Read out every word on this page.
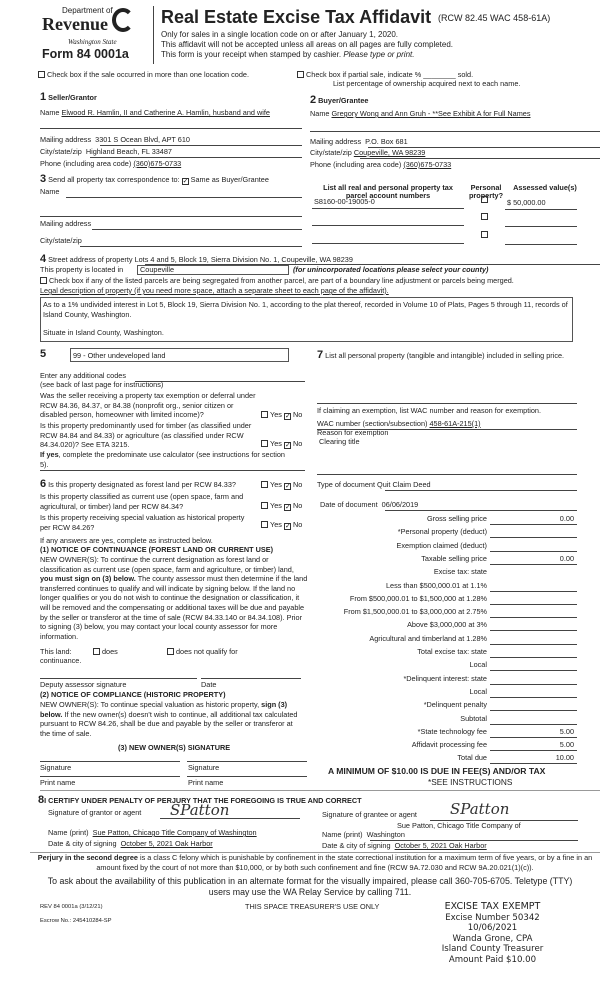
Department of
Revenue
Washington State
Form 84 0001a
Real Estate Excise Tax Affidavit (RCW 82.45 WAC 458-61A)
Only for sales in a single location code on or after January 1, 2020.
This affidavit will not be accepted unless all areas on all pages are fully completed.
This form is your receipt when stamped by cashier. Please type or print.
Check box if the sale occurred in more than one location code.	Check box if partial sale, indicate % ________ sold.
List percentage of ownership acquired next to each name.
1 Seller/Grantor
Name Elwood R. Hamlin, II and Catherine A. Hamlin, husband and wife
Mailing address 3301 S Ocean Blvd, APT 610
City/state/zip Highland Beach, FL 33487
Phone (including area code) (360)675-0733
2 Buyer/Grantee
Name Gregory Wong and Ann Gruh - **See Exhibit A for Full Names
Mailing address P.O. Box 681
City/state/zip Coupeville, WA 98239
Phone (including area code) (360)675-0733
3 Send all property tax correspondence to: ✓ Same as Buyer/Grantee
Name
Mailing address
City/state/zip
List all real and personal property tax parcel account numbers
Personal property?
Assessed value(s)
S8160-00-19005-0	$ 50,000.00
4 Street address of property Lots 4 and 5, Block 19, Sierra Division No. 1, Coupeville, WA 98239
This property is located in	Coupeville	(for unincorporated locations please select your county)
Check box if any of the listed parcels are being segregated from another parcel, are part of a boundary line adjustment or parcels being merged.
Legal description of property (if you need more space, attach a separate sheet to each page of the affidavit).
As to a 1% undivided interest in Lot 5, Block 19, Sierra Division No. 1, according to the plat thereof, recorded in Volume 10 of Plats, Pages 5 through 11, records of Island County, Washington.
Situate in Island County, Washington.
5	99 - Other undeveloped land
Enter any additional codes
(see back of last page for instructions)
Was the seller receiving a property tax exemption or deferral under RCW 84.36, 84.37, or 84.38 (nonprofit org., senior citizen or disabled person, homeowner with limited income)?	Yes ✓ No
Is this property predominantly used for timber (as classified under RCW 84.84 and 84.33) or agriculture (as classified under RCW 84.34.020)? See ETA 3215.	Yes ✓ No
If yes, complete the predominate use calculator (see instructions for section 5).
6 Is this property designated as forest land per RCW 84.33?	Yes ✓ No
Is this property classified as current use (open space, farm and agricultural, or timber) land per RCW 84.34?	Yes ✓ No
Is this property receiving special valuation as historical property per RCW 84.26?	Yes ✓ No
If any answers are yes, complete as instructed below.
(1) NOTICE OF CONTINUANCE (FOREST LAND OR CURRENT USE)
NEW OWNER(S): To continue the current designation as forest land or classification as current use (open space, farm and agriculture, or timber) land, you must sign on (3) below. The county assessor must then determine if the land transferred continues to qualify and will indicate by signing below. If the land no longer qualifies or you do not wish to continue the designation or classification, it will be removed and the compensating or additional taxes will be due and payable by the seller or transferor at the time of sale (RCW 84.33.140 or 84.34.108). Prior to signing (3) below, you may contact your local county assessor for more information.
This land:	does	does not qualify for
continuance.
Deputy assessor signature	Date
(2) NOTICE OF COMPLIANCE (HISTORIC PROPERTY)
NEW OWNER(S): To continue special valuation as historic property, sign (3) below. If the new owner(s) doesn't wish to continue, all additional tax calculated pursuant to RCW 84.26, shall be due and payable by the seller or transferor at the time of sale.
(3) NEW OWNER(S) SIGNATURE
Signature	Signature
Print name	Print name
7 List all personal property (tangible and intangible) included in selling price.
If claiming an exemption, list WAC number and reason for exemption.
WAC number (section/subsection) 458-61A-215(1)
Reason for exemption
Clearing title
Type of document Quit Claim Deed
Date of document 06/06/2019
Gross selling price	0.00
*Personal property (deduct)
Exemption claimed (deduct)
Taxable selling price	0.00
Excise tax: state
Less than $500,000.01 at 1.1%
From $500,000.01 to $1,500,000 at 1.28%
From $1,500,000.01 to $3,000,000 at 2.75%
Above $3,000,000 at 3%
Agricultural and timberland at 1.28%
Total excise tax: state
Local
*Delinquent interest: state
Local
*Delinquent penalty
Subtotal
*State technology fee	5.00
Affidavit processing fee	5.00
Total due	10.00
A MINIMUM OF $10.00 IS DUE IN FEE(S) AND/OR TAX
*SEE INSTRUCTIONS
8I CERTIFY UNDER PENALTY OF PERJURY THAT THE FOREGOING IS TRUE AND CORRECT
Signature of grantor or agent SPatton	Signature of grantee or agent SPatton
Name (print) Sue Patton, Chicago Title Company of Washington
Sue Patton, Chicago Title Company of
Name (print) Washington
Date & city of signing October 5, 2021 Oak Harbor	Date & city of signing October 5, 2021 Oak Harbor
Perjury in the second degree is a class C felony which is punishable by confinement in the state correctional institution for a maximum term of five years, or by a fine in an amount fixed by the court of not more than $10,000, or by both such confinement and fine (RCW 9A.72.030 and RCW 9A.20.021(1)(c)).
To ask about the availability of this publication in an alternate format for the visually impaired, please call 360-705-6705. Teletype (TTY) users may use the WA Relay Service by calling 711.
REV 84 0001a (3/12/21)
Escrow No.: 245410284-SP
THIS SPACE TREASURER'S USE ONLY	EXCISE TAX EXEMPT
Excise Number 50342
10/06/2021
Wanda Grone, CPA
Island County Treasurer
Amount Paid $10.00
